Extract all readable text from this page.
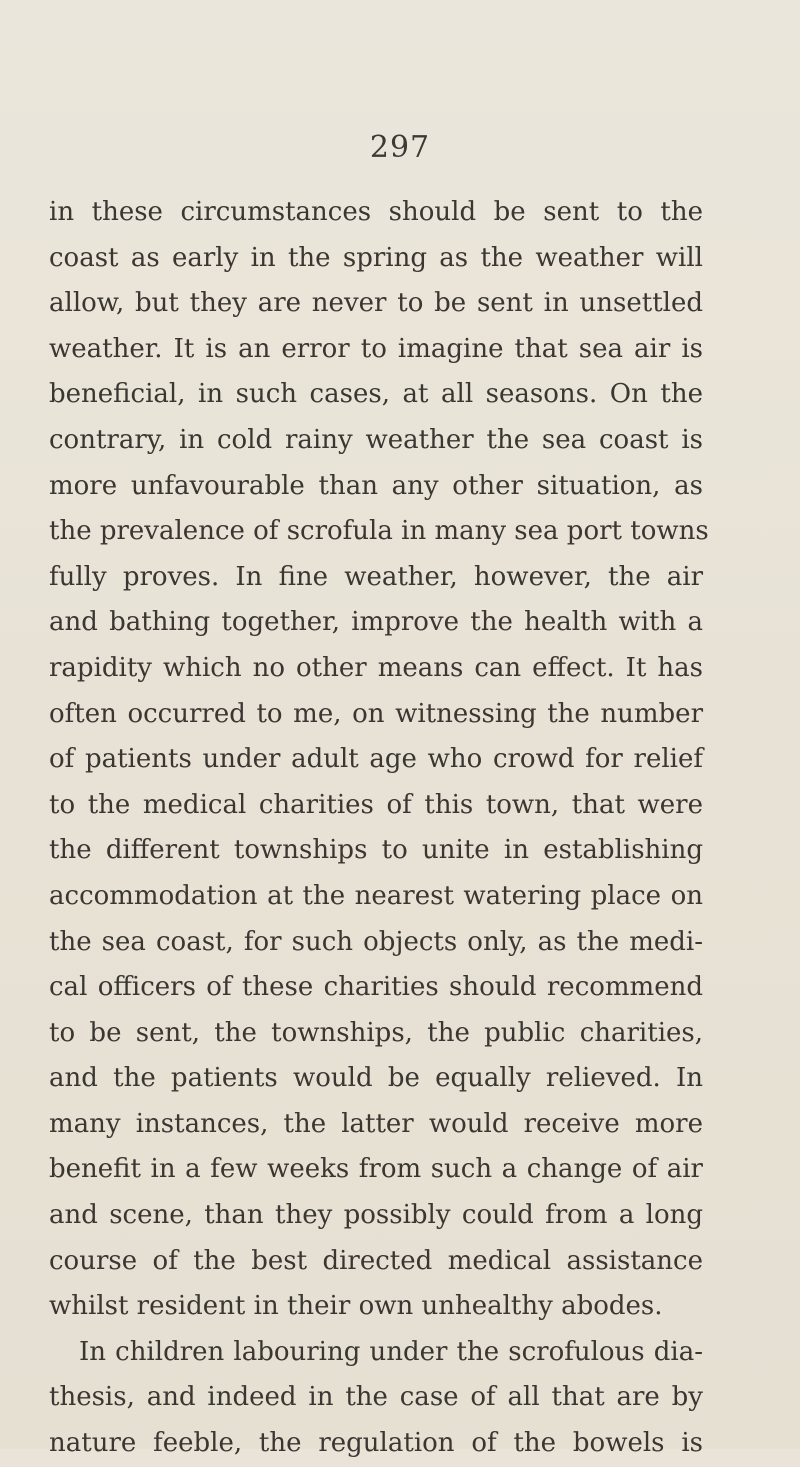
297
in these circumstances should be sent to the
coast as early in the spring as the weather will
allow, but they are never to be sent in unsettled
weather. It is an error to imagine that sea air is
beneficial, in such cases, at all seasons. On the
contrary, in cold rainy weather the sea coast is
more unfavourable than any other situation, as
the prevalence of scrofula in many sea port towns
fully proves. In fine weather, however, the air
and bathing together, improve the health with a
rapidity which no other means can effect. It has
often occurred to me, on witnessing the number
of patients under adult age who crowd for relief
to the medical charities of this town, that were
the different townships to unite in establishing
accommodation at the nearest watering place on
the sea coast, for such objects only, as the medi-
cal officers of these charities should recommend
to be sent, the townships, the public charities,
and the patients would be equally relieved. In
many instances, the latter would receive more
benefit in a few weeks from such a change of air
and scene, than they possibly could from a long
course of the best directed medical assistance
whilst resident in their own unhealthy abodes.
In children labouring under the scrofulous dia-
thesis, and indeed in the case of all that are by
nature feeble, the regulation of the bowels is
